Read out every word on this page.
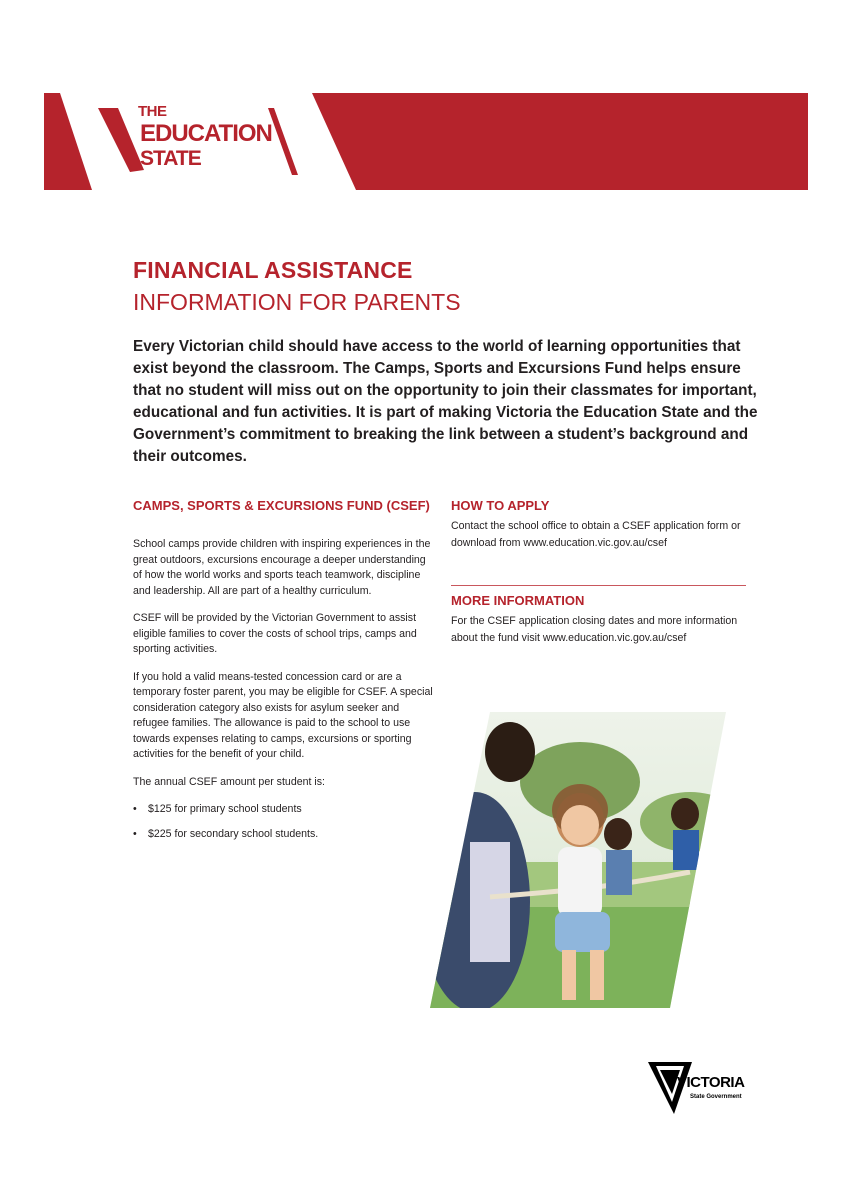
THE
EDUCATION
STATE
FINANCIAL ASSISTANCE
INFORMATION FOR PARENTS

Every Victorian child should have access to the world of learning opportunities that exist beyond the classroom. The Camps, Sports and Excursions Fund helps ensure that no student will miss out on the opportunity to join their classmates for important, educational and fun activities. It is part of making Victoria the Education State and the Government’s commitment to breaking the link between a student’s background and their outcomes.

CAMPS, SPORTS & EXCURSIONS FUND (CSEF)

School camps provide children with inspiring experiences in the great outdoors, excursions encourage a deeper understanding of how the world works and sports teach teamwork, discipline and leadership. All are part of a healthy curriculum.

CSEF will be provided by the Victorian Government to assist eligible families to cover the costs of school trips, camps and sporting activities.

If you hold a valid means-tested concession card or are a temporary foster parent, you may be eligible for CSEF. A special consideration category also exists for asylum seeker and refugee families. The allowance is paid to the school to use towards expenses relating to camps, excursions or sporting activities for the benefit of your child.

The annual CSEF amount per student is:

• $125 for primary school students
• $225 for secondary school students.
HOW TO APPLY
Contact the school office to obtain a CSEF application form or download from www.education.vic.gov.au/csef
MORE INFORMATION
For the CSEF application closing dates and more information about the fund visit www.education.vic.gov.au/csef
VICTORIA
State Government
